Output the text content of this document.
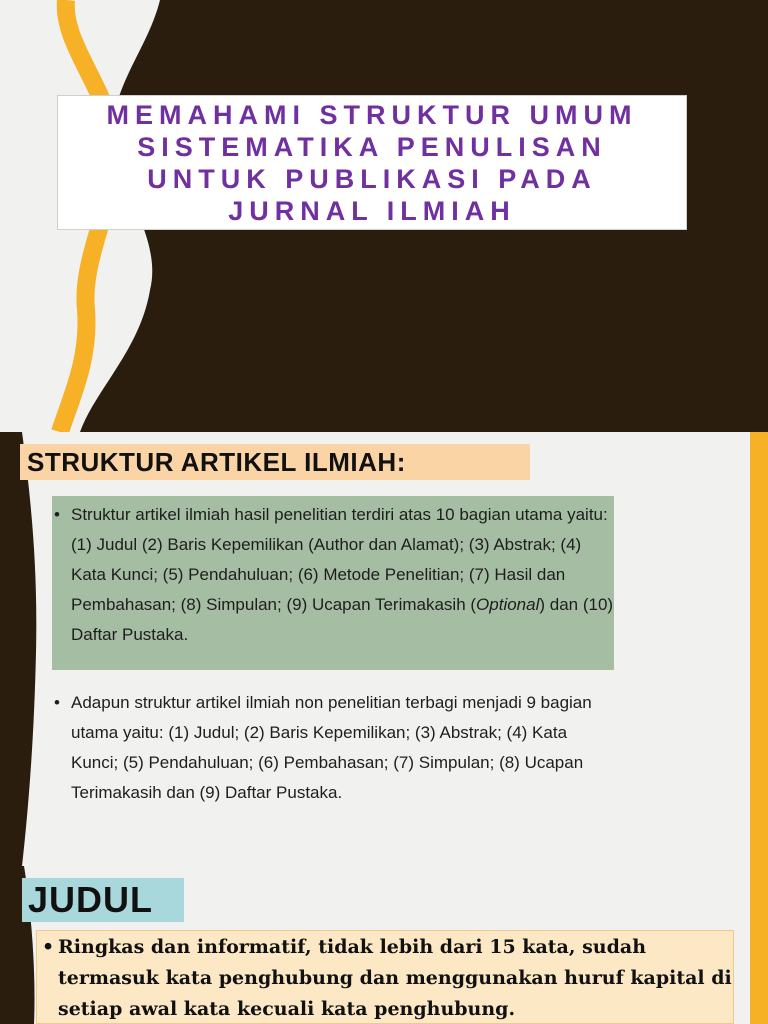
MEMAHAMI STRUKTUR UMUM
SISTEMATIKA PENULISAN
UNTUK PUBLIKASI PADA
JURNAL ILMIAH
STRUKTUR ARTIKEL ILMIAH:
• Struktur artikel ilmiah hasil penelitian terdiri atas 10 bagian utama yaitu: (1) Judul (2) Baris Kepemilikan (Author dan Alamat); (3) Abstrak; (4) Kata Kunci; (5) Pendahuluan; (6) Metode Penelitian; (7) Hasil dan Pembahasan; (8) Simpulan; (9) Ucapan Terimakasih (Optional) dan (10) Daftar Pustaka.
• Adapun struktur artikel ilmiah non penelitian terbagi menjadi 9 bagian utama yaitu: (1) Judul; (2) Baris Kepemilikan; (3) Abstrak; (4) Kata Kunci; (5) Pendahuluan; (6) Pembahasan; (7) Simpulan; (8) Ucapan Terimakasih dan (9) Daftar Pustaka.
JUDUL
• Ringkas dan informatif, tidak lebih dari 15 kata, sudah termasuk kata penghubung dan menggunakan huruf kapital di setiap awal kata kecuali kata penghubung.
